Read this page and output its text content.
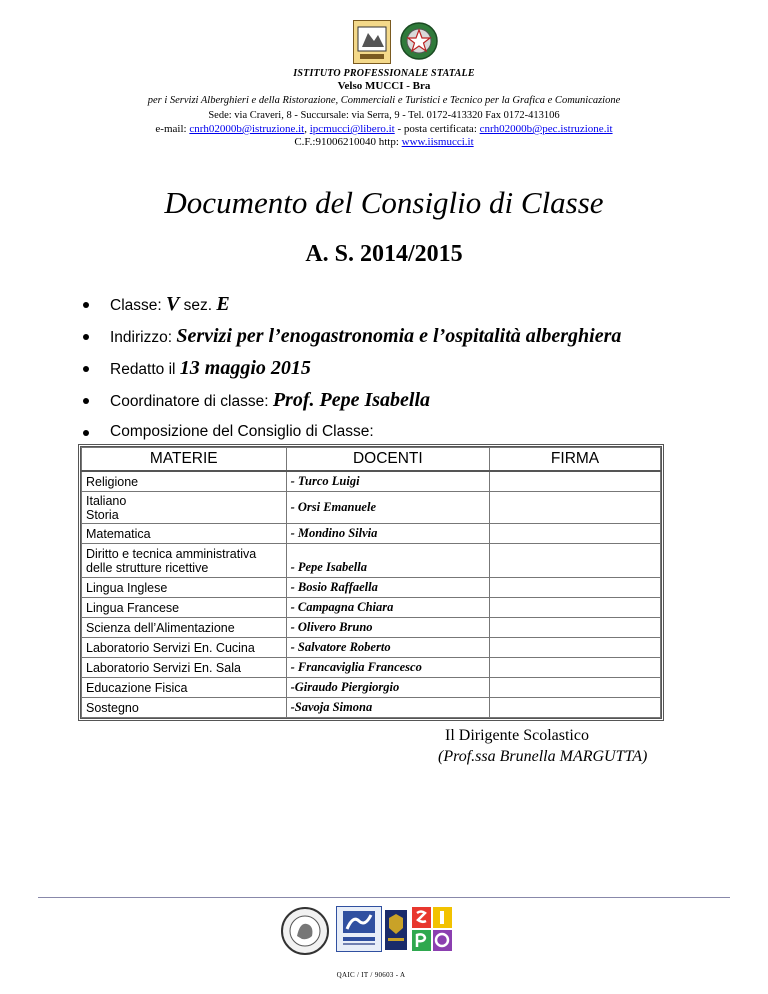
ISTITUTO PROFESSIONALE STATALE
Velso MUCCI - Bra
per i Servizi Alberghieri e della Ristorazione, Commerciali e Turistici e Tecnico per la Grafica e Comunicazione
Sede: via Craveri, 8 - Succursale: via Serra, 9 - Tel. 0172-413320 Fax 0172-413106
e-mail: cnrh02000b@istruzione.it, ipcmucci@libero.it - posta certificata: cnrh02000b@pec.istruzione.it
C.F.:91006210040 http: www.iismucci.it
Documento del Consiglio di Classe
A. S. 2014/2015
Classe: V sez. E
Indirizzo: Servizi per l’enogastronomia e l’ospitalità alberghiera
Redatto il 13 maggio 2015
Coordinatore di classe: Prof. Pepe Isabella
Composizione del Consiglio di Classe:
MATERIE	DOCENTI	FIRMA
Religione	- Turco Luigi	

Italiano
Storia	- Orsi Emanuele	
Matematica	- Mondino Silvia	

Diritto e tecnica amministrativa
delle strutture ricettive	- Pepe Isabella	
Lingua Inglese	- Bosio Raffaella	
Lingua Francese	- Campagna Chiara	
Scienza dell’Alimentazione	- Olivero Bruno	
Laboratorio Servizi En. Cucina	- Salvatore Roberto	
Laboratorio Servizi En. Sala	- Francaviglia Francesco	
Educazione Fisica	-Giraudo Piergiorgio	
Sostegno	-Savoja Simona	
Il Dirigente Scolastico
(Prof.ssa Brunella MARGUTTA)
QAIC / IT / 90603 - A
